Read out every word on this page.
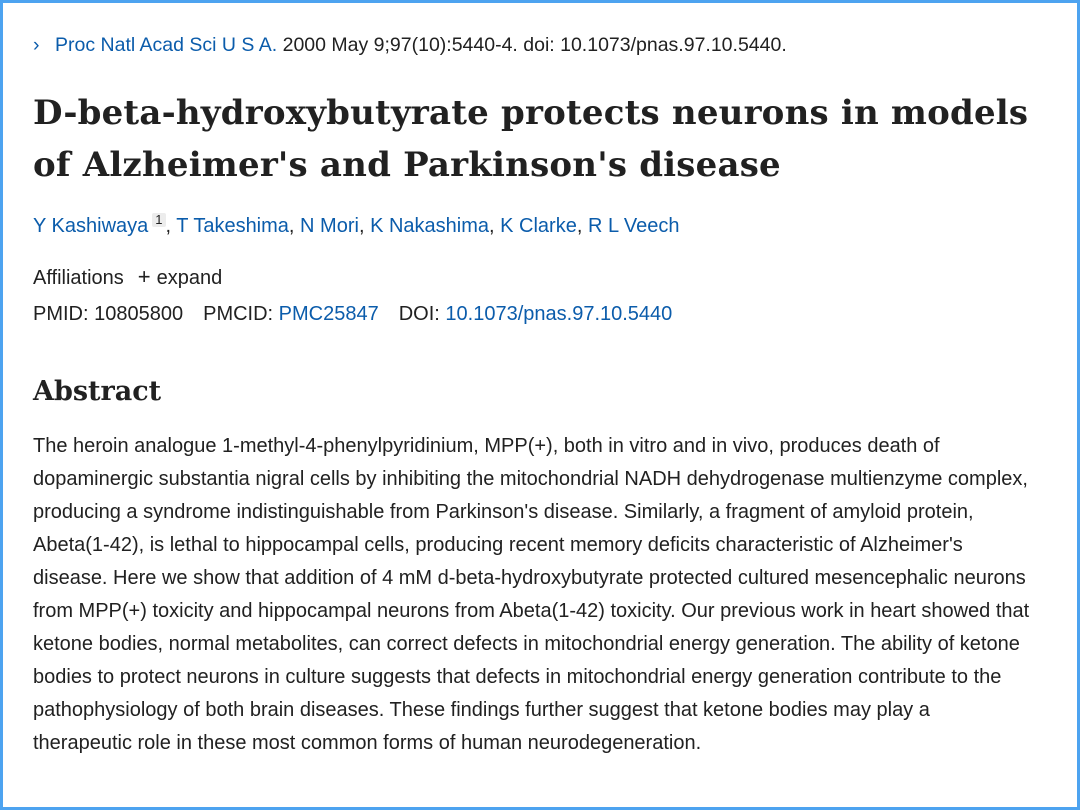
› Proc Natl Acad Sci U S A. 2000 May 9;97(10):5440-4. doi: 10.1073/pnas.97.10.5440.
D-beta-hydroxybutyrate protects neurons in models of Alzheimer's and Parkinson's disease
Y Kashiwaya $^1$ , T Takeshima, N Mori, K Nakashima, K Clarke, R L Veech
Affiliations + expand
PMID: 10805800 PMCID: PMC25847 DOI: 10.1073/pnas.97.10.5440
Abstract

The heroin analogue 1-methyl-4-phenylpyridinium, MPP(+), both in vitro and in vivo, produces death of dopaminergic substantia nigral cells by inhibiting the mitochondrial NADH dehydrogenase multienzyme complex, producing a syndrome indistinguishable from Parkinson's disease. Similarly, a fragment of amyloid protein, Abeta(1-42), is lethal to hippocampal cells, producing recent memory deficits characteristic of Alzheimer's disease. Here we show that addition of 4 mM d-beta-hydroxybutyrate protected cultured mesencephalic neurons from MPP(+) toxicity and hippocampal neurons from Abeta(1-42) toxicity. Our previous work in heart showed that ketone bodies, normal metabolites, can correct defects in mitochondrial energy generation. The ability of ketone bodies to protect neurons in culture suggests that defects in mitochondrial energy generation contribute to the pathophysiology of both brain diseases. These findings further suggest that ketone bodies may play a therapeutic role in these most common forms of human neurodegeneration.
